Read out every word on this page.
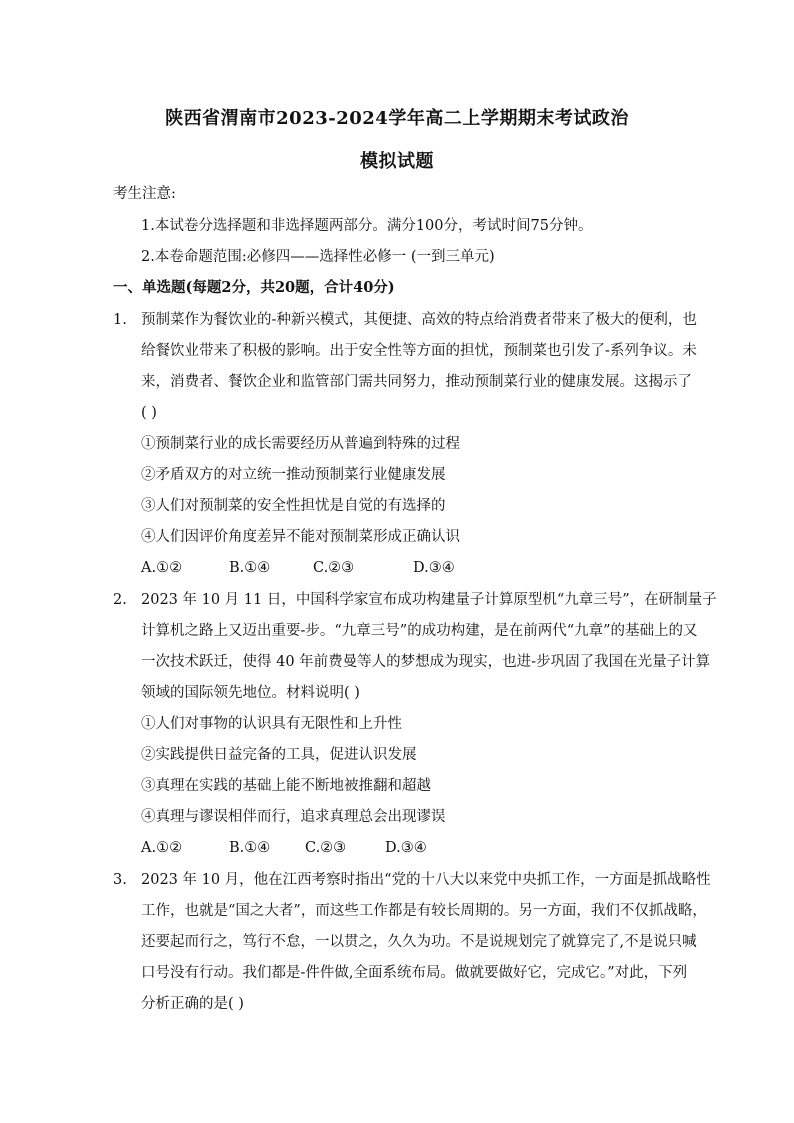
陕西省渭南市2023-2024学年高二上学期期末考试政治
模拟试题
考生注意:
1.本试卷分选择题和非选择题两部分。满分100分，考试时间75分钟。
2.本卷命题范围:必修四——选择性必修一 (一到三单元)
一、单选题(每题2分，共20题，合计40分)
1. 预制菜作为餐饮业的-种新兴模式，其便捷、高效的特点给消费者带来了极大的便利，也
给餐饮业带来了积极的影响。出于安全性等方面的担忧，预制菜也引发了-系列争议。未
来，消费者、餐饮企业和监管部门需共同努力，推动预制菜行业的健康发展。这揭示了
( )
①预制菜行业的成长需要经历从普遍到特殊的过程
②矛盾双方的对立统一推动预制菜行业健康发展
③人们对预制菜的安全性担忧是自觉的有选择的
④人们因评价角度差异不能对预制菜形成正确认识
A.①②	B.①④	C.②③	D.③④
2. 2023 年 10 月 11 日，中国科学家宣布成功构建量子计算原型机“九章三号”，在研制量子
计算机之路上又迈出重要-步。“九章三号”的成功构建，是在前两代“九章”的基础上的又
一次技术跃迁，使得 40 年前费曼等人的梦想成为现实，也进-步巩固了我国在光量子计算
领域的国际领先地位。材料说明( )
①人们对事物的认识具有无限性和上升性
②实践提供日益完备的工具，促进认识发展
③真理在实践的基础上能不断地被推翻和超越
④真理与谬误相伴而行，追求真理总会出现谬误
A.①②	B.①④ C.②③	D.③④
3. 2023 年 10 月，他在江西考察时指出“党的十八大以来党中央抓工作，一方面是抓战略性
工作，也就是“国之大者”，而这些工作都是有较长周期的。另一方面，我们不仅抓战略，
还要起而行之，笃行不怠，一以贯之，久久为功。不是说规划完了就算完了,不是说只喊
口号没有行动。我们都是-件件做,全面系统布局。做就要做好它，完成它。”对此，下列
分析正确的是( )
